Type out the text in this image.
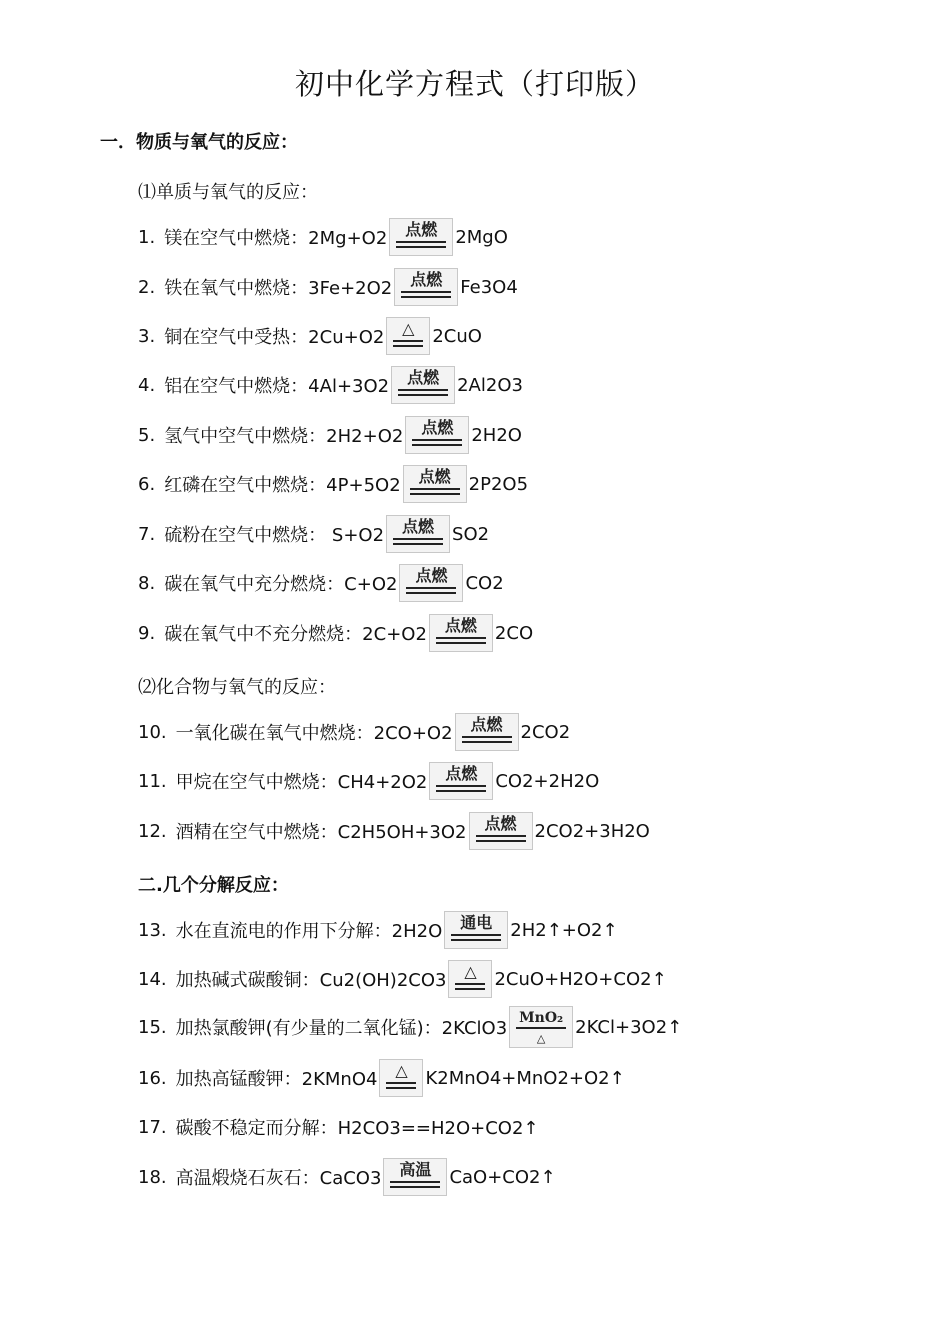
初中化学方程式（打印版）
一．物质与氧气的反应：
⑴单质与氧气的反应：
1. 镁在空气中燃烧：2Mg+O2	点燃	2MgO
2. 铁在氧气中燃烧：3Fe+2O2	点燃	Fe3O4
3. 铜在空气中受热：2Cu+O2	△ 2CuO
4. 铝在空气中燃烧：4Al+3O2	点燃	2Al2O3
5. 氢气中空气中燃烧：2H2+O2	点燃	2H2O
6. 红磷在空气中燃烧：4P+5O2	点燃	2P2O5
7. 硫粉在空气中燃烧： S+O2	点燃	SO2
8. 碳在氧气中充分燃烧：C+O2	点燃	CO2
9. 碳在氧气中不充分燃烧：2C+O2	点燃	2CO
⑵化合物与氧气的反应：
10. 一氧化碳在氧气中燃烧：2CO+O2	点燃	2CO2
11. 甲烷在空气中燃烧：CH4+2O2	点燃	CO2+2H2O
12. 酒精在空气中燃烧：C2H5OH+3O2	点燃	2CO2+3H2O
二.几个分解反应：
13. 水在直流电的作用下分解：2H2O	通电	2H2↑+O2↑
14. 加热碱式碳酸铜：Cu2(OH)2CO3	△ 2CuO+H2O+CO2↑
15. 加热氯酸钾(有少量的二氧化锰)：2KClO3 MnO₂
△
2KCl+3O2↑
16. 加热高锰酸钾：2KMnO4	△ K2MnO4+MnO2+O2↑
17. 碳酸不稳定而分解：H2CO3==H2O+CO2↑
18. 高温煅烧石灰石：CaCO3	高温	CaO+CO2↑
